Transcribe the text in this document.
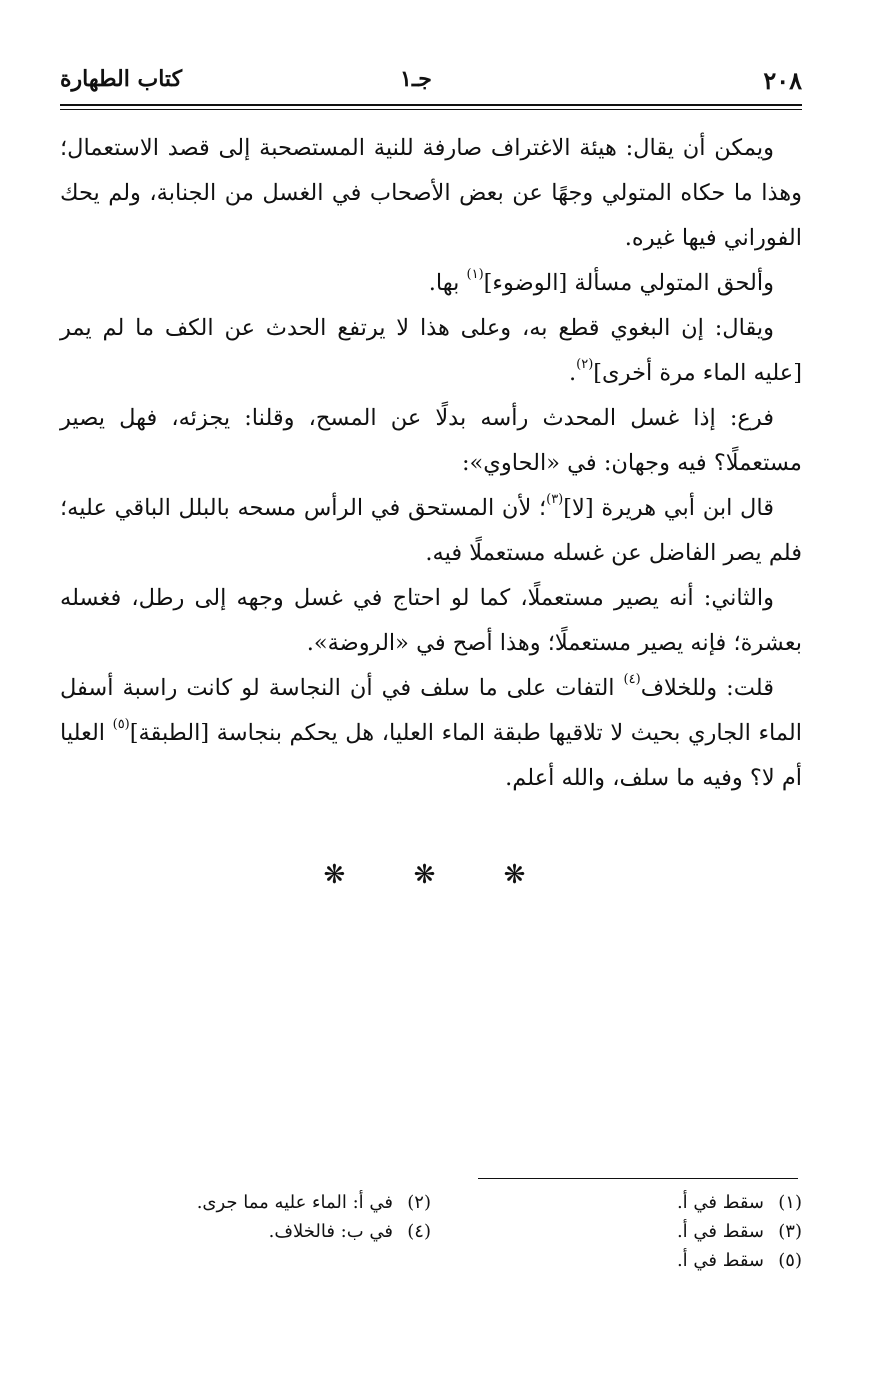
٢٠٨
جـ١
كتاب الطهارة

ويمكن أن يقال: هيئة الاغتراف صارفة للنية المستصحبة إلى قصد الاستعمال؛ وهذا ما حكاه المتولي وجهًا عن بعض الأصحاب في الغسل من الجنابة، ولم يحك الفوراني فيها غيره.

وألحق المتولي مسألة [الوضوء]$^{(١)}$ بها.

ويقال: إن البغوي قطع به، وعلى هذا لا يرتفع الحدث عن الكف ما لم يمر [عليه الماء مرة أخرى]$^{(٢)}$.

فرع: إذا غسل المحدث رأسه بدلًا عن المسح، وقلنا: يجزئه، فهل يصير مستعملًا؟ فيه وجهان: في «الحاوي»:

قال ابن أبي هريرة [لا]$^{(٣)}$؛ لأن المستحق في الرأس مسحه بالبلل الباقي عليه؛ فلم يصر الفاضل عن غسله مستعملًا فيه.

والثاني: أنه يصير مستعملًا، كما لو احتاج في غسل وجهه إلى رطل، فغسله بعشرة؛ فإنه يصير مستعملًا؛ وهذا أصح في «الروضة».

قلت: وللخلاف$^{(٤)}$ التفات على ما سلف في أن النجاسة لو كانت راسبة أسفل الماء الجاري بحيث لا تلاقيها طبقة الماء العليا، هل يحكم بنجاسة [الطبقة]$^{(٥)}$ العليا أم لا؟ وفيه ما سلف، والله أعلم.

❋ ❋ ❋
(١)سقط في أ.
(٢)في أ: الماء عليه مما جرى.
(٣)سقط في أ.
(٤)في ب: فالخلاف.
(٥)سقط في أ.
